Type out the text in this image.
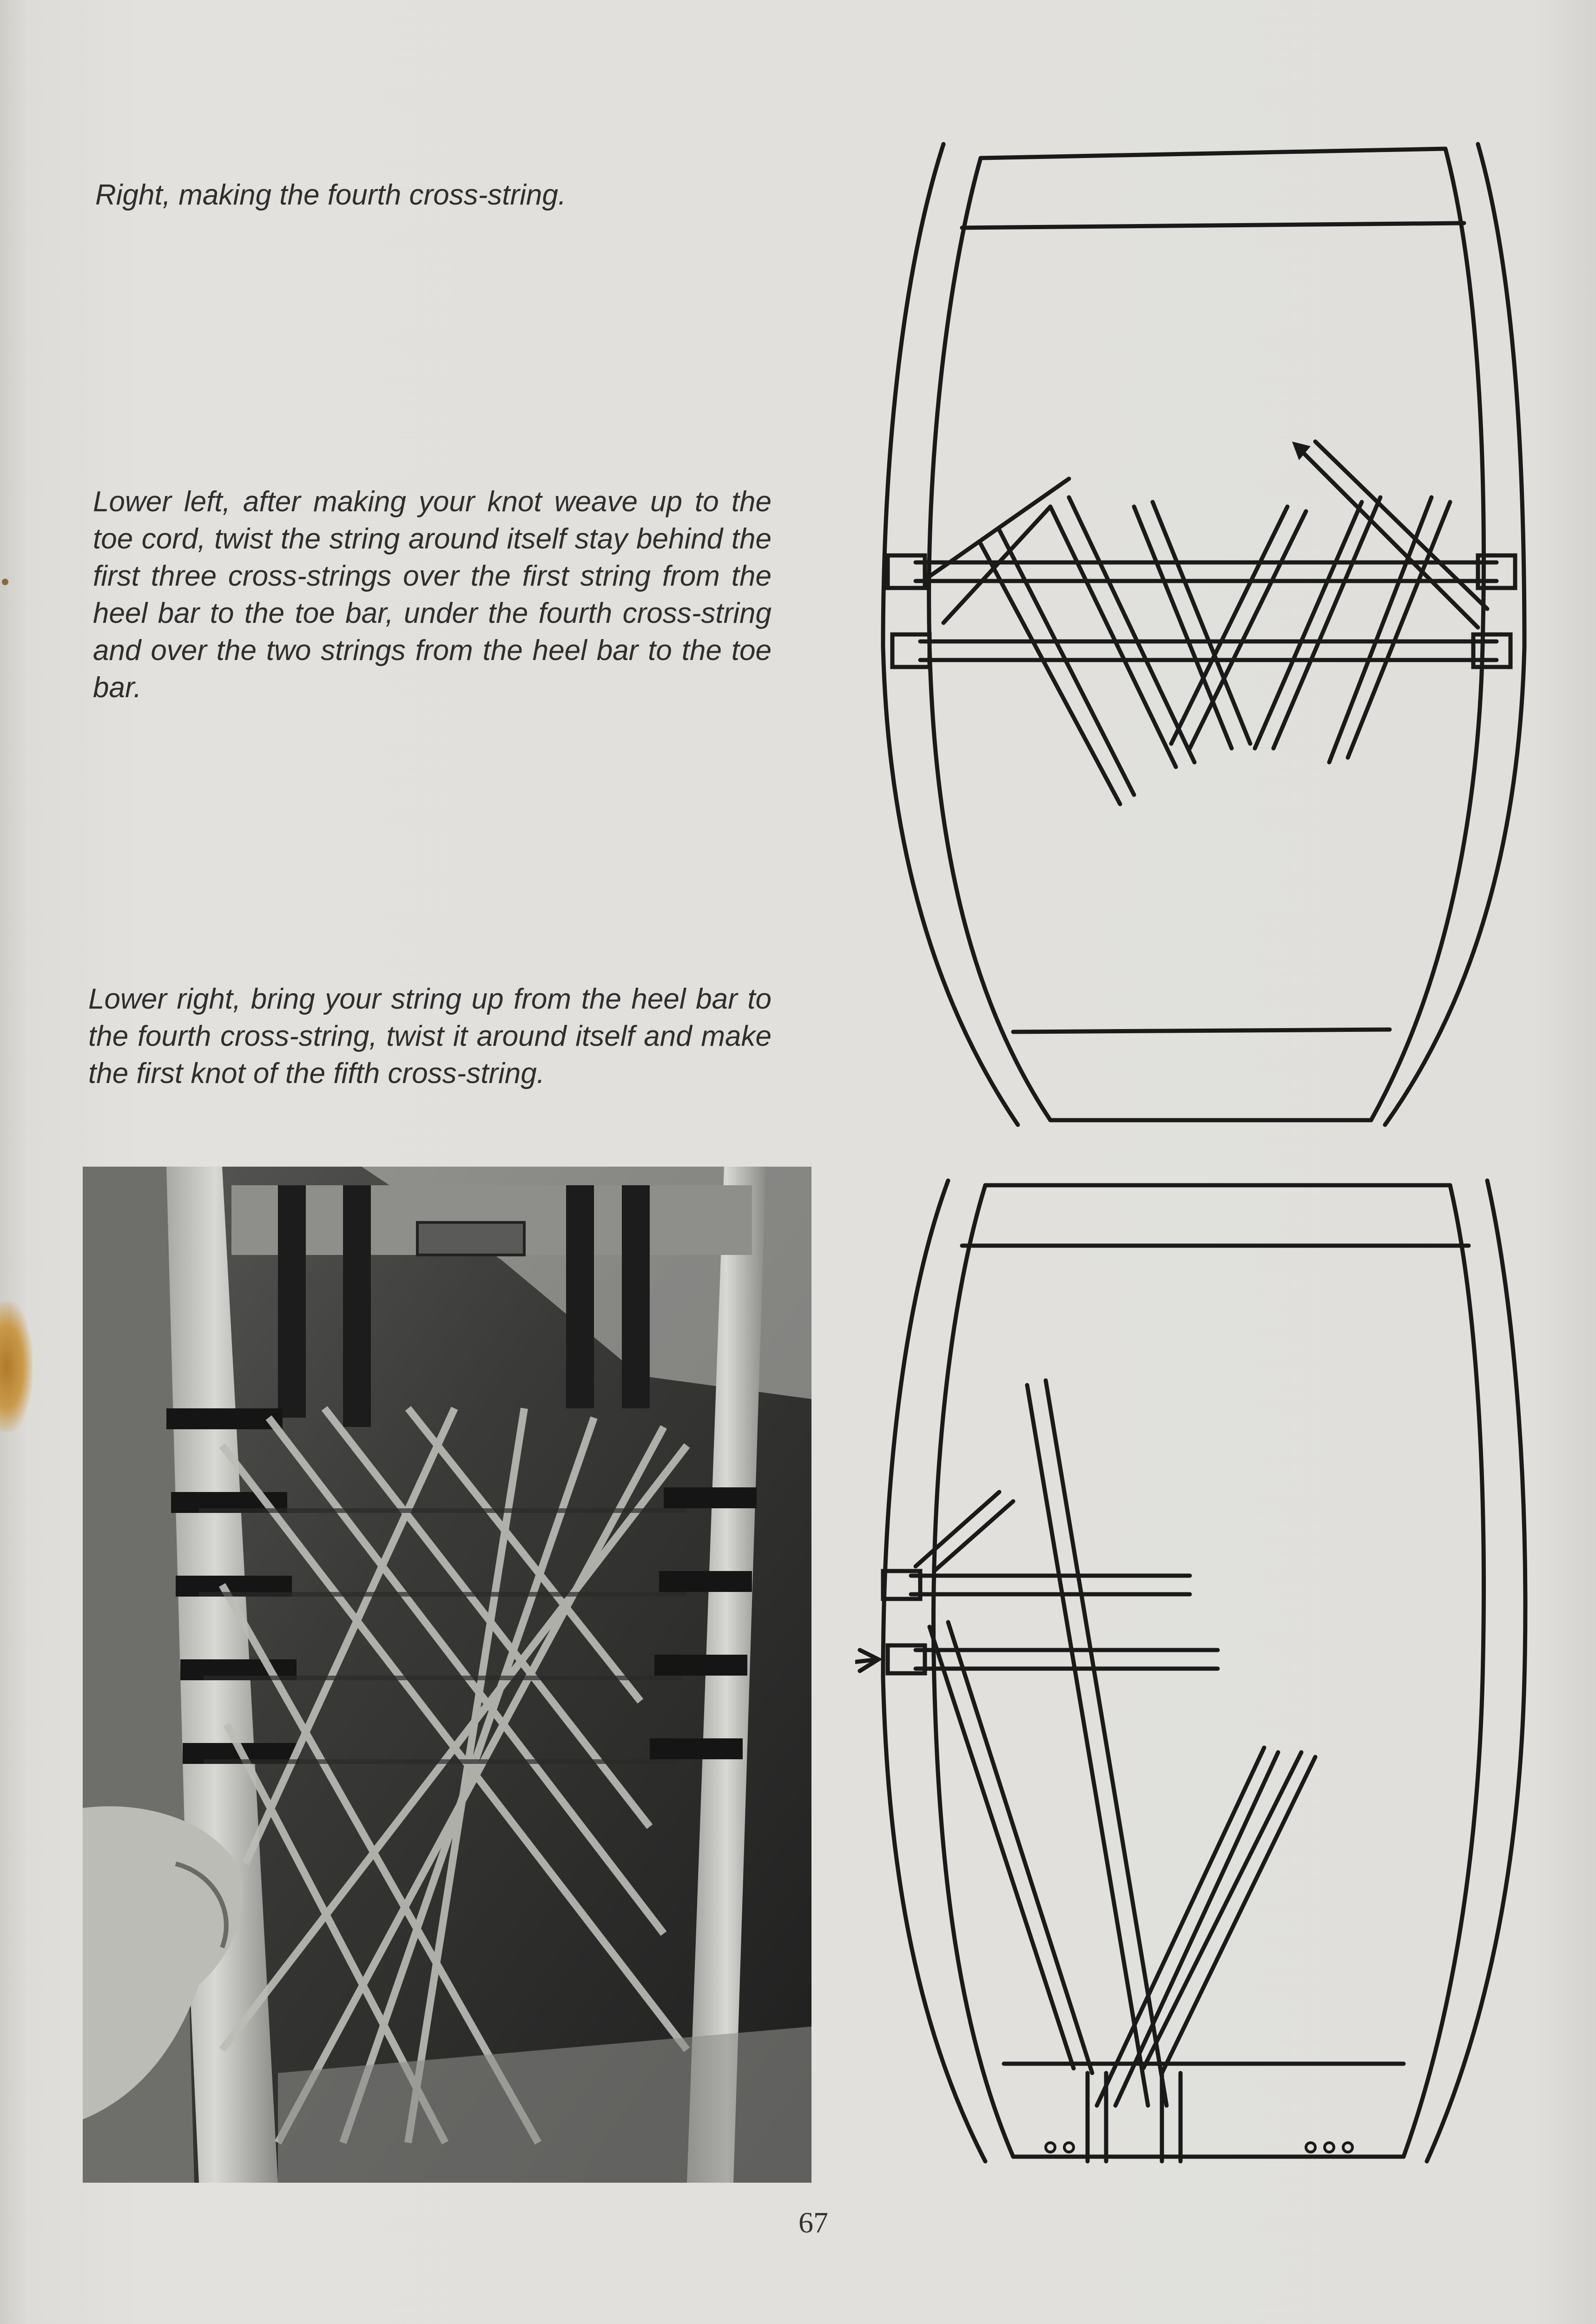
Right, making the fourth cross-string.

Lower left, after making your knot weave up to the toe cord, twist the string around itself stay behind the first three cross-strings over the first string from the heel bar to the toe bar, under the fourth cross-string and over the two strings from the heel bar to the toe bar.

Lower right, bring your string up from the heel bar to the fourth cross-string, twist it around itself and make the first knot of the fifth cross-string.

67
